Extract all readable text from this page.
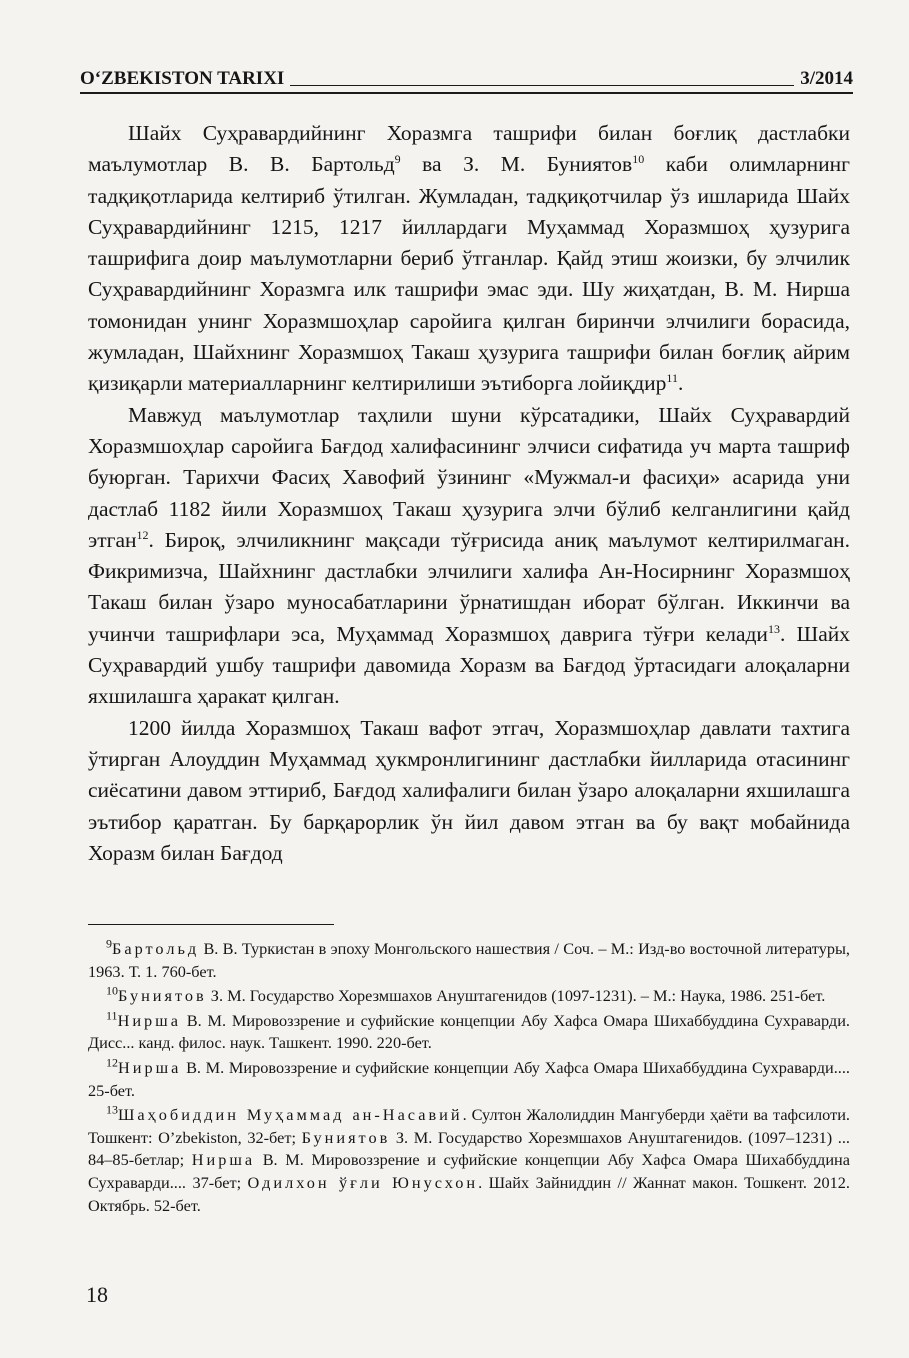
O‘ZBEKISTON TARIXI	3/2014

Шайх Суҳравардийнинг Хоразмга ташрифи билан боғлиқ дастлабки маълумотлар В. В. Бартольд$^9$ ва З. М. Буниятов$^{10}$ каби олимларнинг тадқиқотларида келтириб ўтилган. Жумладан, тадқиқотчилар ўз ишларида Шайх Суҳравардийнинг 1215, 1217 йиллардаги Муҳаммад Хоразмшоҳ ҳузурига ташрифига доир маълумотларни бериб ўтганлар. Қайд этиш жоизки, бу элчилик Суҳравардийнинг Хоразмга илк ташрифи эмас эди. Шу жиҳатдан, В. М. Нирша томонидан унинг Хоразмшоҳлар саройига қилган биринчи элчилиги борасида, жумладан, Шайхнинг Хоразмшоҳ Такаш ҳузурига ташрифи билан боғлиқ айрим қизиқарли материалларнинг келтирилиши эътиборга лойиқдир$^{11}$.

Мавжуд маълумотлар таҳлили шуни кўрсатадики, Шайх Суҳравардий Хоразмшоҳлар саройига Бағдод халифасининг элчиси сифатида уч марта ташриф буюрган. Тарихчи Фасиҳ Хавофий ўзининг «Мужмал-и фасиҳи» асарида уни дастлаб 1182 йили Хоразмшоҳ Такаш ҳузурига элчи бўлиб келганлигини қайд этган$^{12}$. Бироқ, элчиликнинг мақсади тўғрисида аниқ маълумот келтирилмаган. Фикримизча, Шайхнинг дастлабки элчилиги халифа Ан-Носирнинг Хоразмшоҳ Такаш билан ўзаро муносабатларини ўрнатишдан иборат бўлган. Иккинчи ва учинчи ташрифлари эса, Муҳаммад Хоразмшоҳ даврига тўғри келади$^{13}$. Шайх Суҳравардий ушбу ташрифи давомида Хоразм ва Бағдод ўртасидаги алоқаларни яхшилашга ҳаракат қилган.

1200 йилда Хоразмшоҳ Такаш вафот этгач, Хоразмшоҳлар давлати тахтига ўтирган Алоуддин Муҳаммад ҳукмронлигининг дастлабки йилларида отасининг сиёсатини давом эттириб, Бағдод халифалиги билан ўзаро алоқаларни яхшилашга эътибор қаратган. Бу барқарорлик ўн йил давом этган ва бу вақт мобайнида Хоразм билан Бағдод

$^9$Бартольд В. В. Туркистан в эпоху Монгольского нашествия / Соч. – М.: Изд-во восточной литературы, 1963. Т. 1. 760-бет.

$^{10}$Буниятов З. М. Государство Хорезмшахов Ануштагенидов (1097-1231). – М.: Наука, 1986. 251-бет.

$^{11}$Нирша В. М. Мировоззрение и суфийские концепции Абу Хафса Омара Шихаббуддина Сухраварди. Дисс... канд. филос. наук. Ташкент. 1990. 220-бет.

$^{12}$Нирша В. М. Мировоззрение и суфийские концепции Абу Хафса Омара Шихаббуддина Сухраварди.... 25-бет.

$^{13}$Шаҳобиддин Муҳаммад ан-Насавий. Султон Жалолиддин Мангуберди ҳаёти ва тафсилоти. Тошкент: O’zbekiston, 32-бет; Буниятов З. М. Государство Хорезмшахов Ануштагенидов. (1097–1231) ... 84–85-бетлар; Нирша В. М. Мировоззрение и суфийские концепции Абу Хафса Омара Шихаббуддина Сухраварди.... 37-бет; Одилхон ўғли Юнусхон. Шайх Зайниддин // Жаннат макон. Тошкент. 2012. Октябрь. 52-бет.

18
